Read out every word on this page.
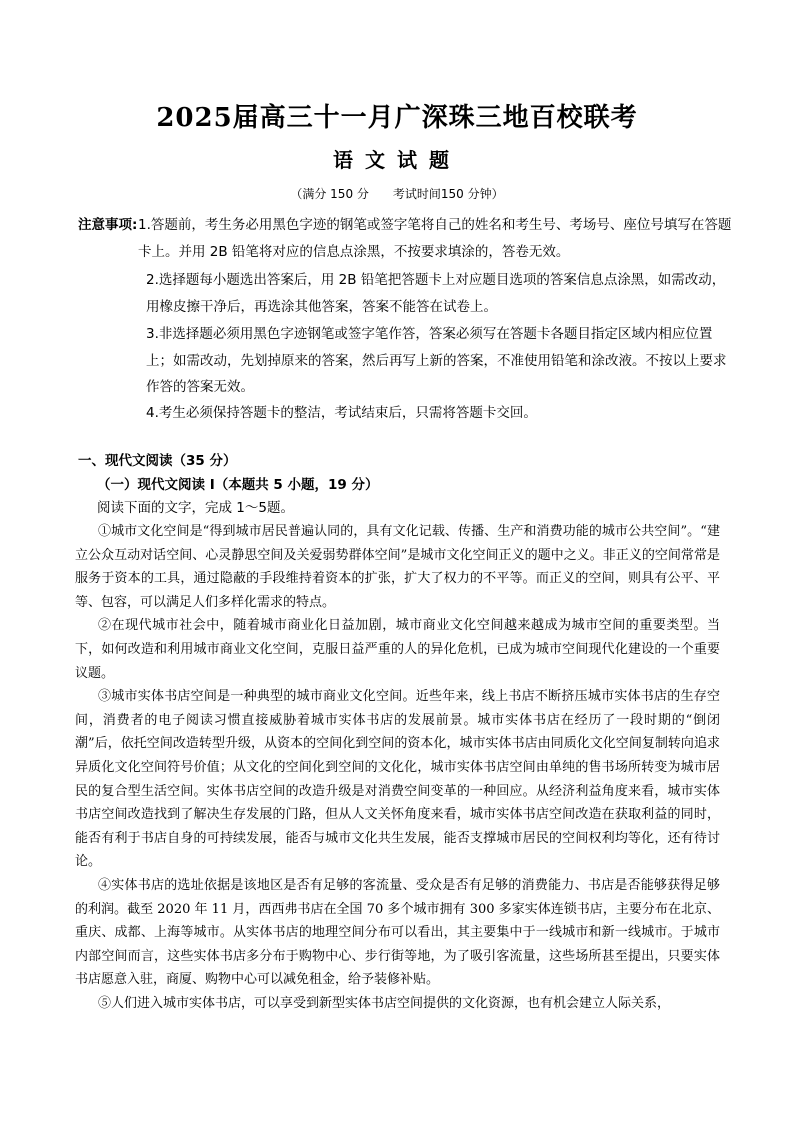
2025届高三十一月广深珠三地百校联考
语文试题
（满分 150 分　　考试时间150 分钟）
注意事项: 1.答题前，考生务必用黑色字迹的钢笔或签字笔将自己的姓名和考生号、考场号、座位号填写在答题卡上。并用 2B 铅笔将对应的信息点涂黑，不按要求填涂的，答卷无效。
2.选择题每小题选出答案后，用 2B 铅笔把答题卡上对应题目选项的答案信息点涂黑，如需改动，用橡皮擦干净后，再选涂其他答案，答案不能答在试卷上。
3.非选择题必须用黑色字迹钢笔或签字笔作答，答案必须写在答题卡各题目指定区域内相应位置上；如需改动，先划掉原来的答案，然后再写上新的答案，不准使用铅笔和涂改液。不按以上要求作答的答案无效。
4.考生必须保持答题卡的整洁，考试结束后，只需将答题卡交回。
一、现代文阅读（35 分）
（一）现代文阅读 I（本题共 5 小题，19 分）
阅读下面的文字，完成 1～5题。

①城市文化空间是“得到城市居民普遍认同的，具有文化记载、传播、生产和消费功能的城市公共空间”。“建立公众互动对话空间、心灵静思空间及关爱弱势群体空间”是城市文化空间正义的题中之义。非正义的空间常常是服务于资本的工具，通过隐蔽的手段维持着资本的扩张，扩大了权力的不平等。而正义的空间，则具有公平、平等、包容，可以满足人们多样化需求的特点。

②在现代城市社会中，随着城市商业化日益加剧，城市商业文化空间越来越成为城市空间的重要类型。当下，如何改造和利用城市商业文化空间，克服日益严重的人的异化危机，已成为城市空间现代化建设的一个重要议题。

③城市实体书店空间是一种典型的城市商业文化空间。近些年来，线上书店不断挤压城市实体书店的生存空间，消费者的电子阅读习惯直接威胁着城市实体书店的发展前景。城市实体书店在经历了一段时期的“倒闭潮”后，依托空间改造转型升级，从资本的空间化到空间的资本化，城市实体书店由同质化文化空间复制转向追求异质化文化空间符号价值；从文化的空间化到空间的文化化，城市实体书店空间由单纯的售书场所转变为城市居民的复合型生活空间。实体书店空间的改造升级是对消费空间变革的一种回应。从经济利益角度来看，城市实体书店空间改造找到了解决生存发展的门路，但从人文关怀角度来看，城市实体书店空间改造在获取利益的同时，能否有利于书店自身的可持续发展，能否与城市文化共生发展，能否支撑城市居民的空间权利均等化，还有待讨论。

④实体书店的选址依据是该地区是否有足够的客流量、受众是否有足够的消费能力、书店是否能够获得足够的利润。截至 2020 年 11 月，西西弗书店在全国 70 多个城市拥有 300 多家实体连锁书店，主要分布在北京、重庆、成都、上海等城市。从实体书店的地理空间分布可以看出，其主要集中于一线城市和新一线城市。于城市内部空间而言，这些实体书店多分布于购物中心、步行街等地，为了吸引客流量，这些场所甚至提出，只要实体书店愿意入驻，商厦、购物中心可以减免租金，给予装修补贴。

⑤人们进入城市实体书店，可以享受到新型实体书店空间提供的文化资源，也有机会建立人际关系，
